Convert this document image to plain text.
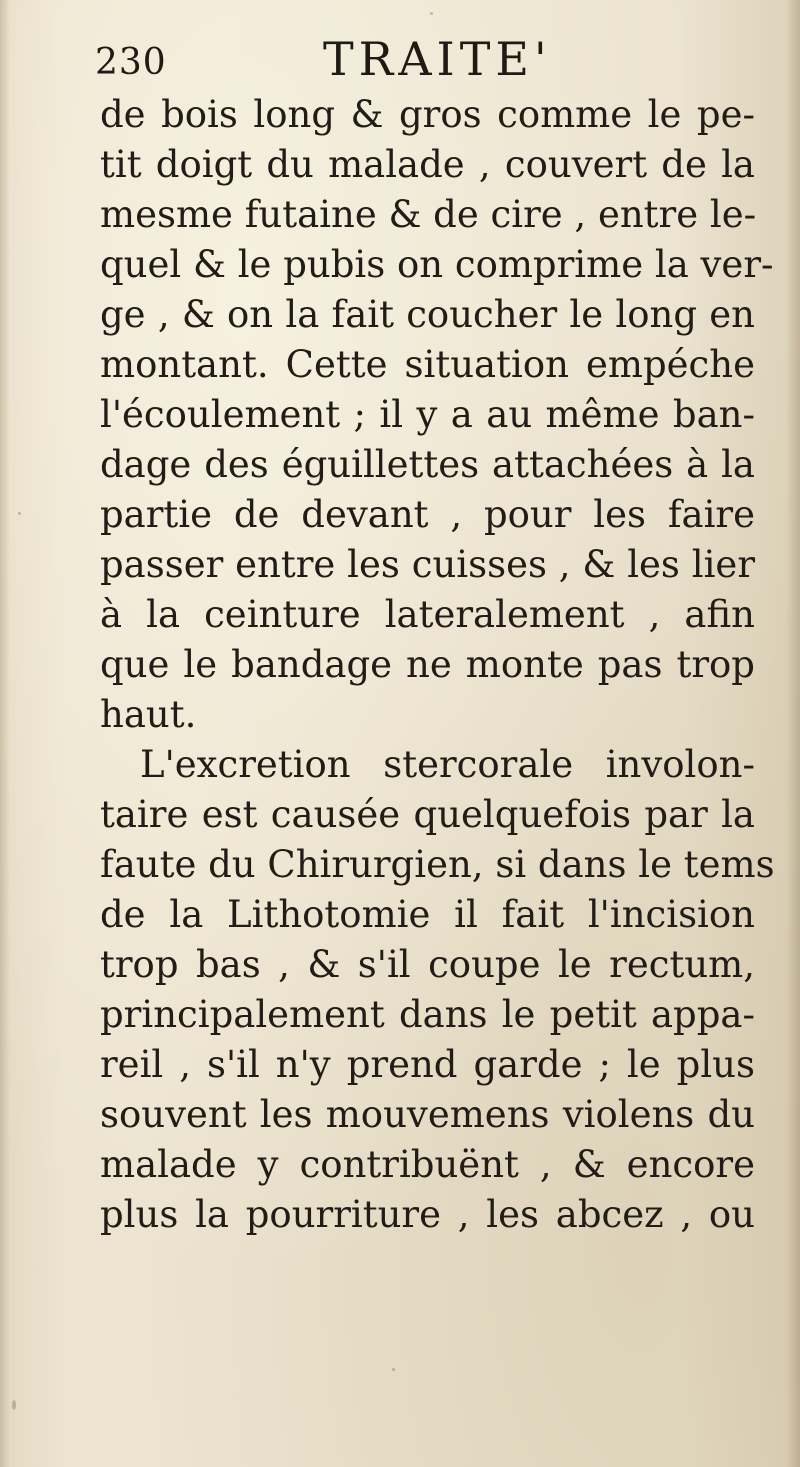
230	TRAITE'
de bois long & gros comme le pe-
tit doigt du malade , couvert de la
mesme futaine & de cire , entre le-
quel & le pubis on comprime la ver-
ge , & on la fait coucher le long en
montant. Cette situation empéche
l'écoulement ; il y a au même ban-
dage des éguillettes attachées à la
partie de devant , pour les faire
passer entre les cuisses , & les lier
à la ceinture lateralement , afin
que le bandage ne monte pas trop
haut.
L'excretion stercorale involon-
taire est causée quelquefois par la
faute du Chirurgien, si dans le tems
de la Lithotomie il fait l'incision
trop bas , & s'il coupe le rectum,
principalement dans le petit appa-
reil , s'il n'y prend garde ; le plus
souvent les mouvemens violens du
malade y contribuënt , & encore
plus la pourriture , les abcez , ou
